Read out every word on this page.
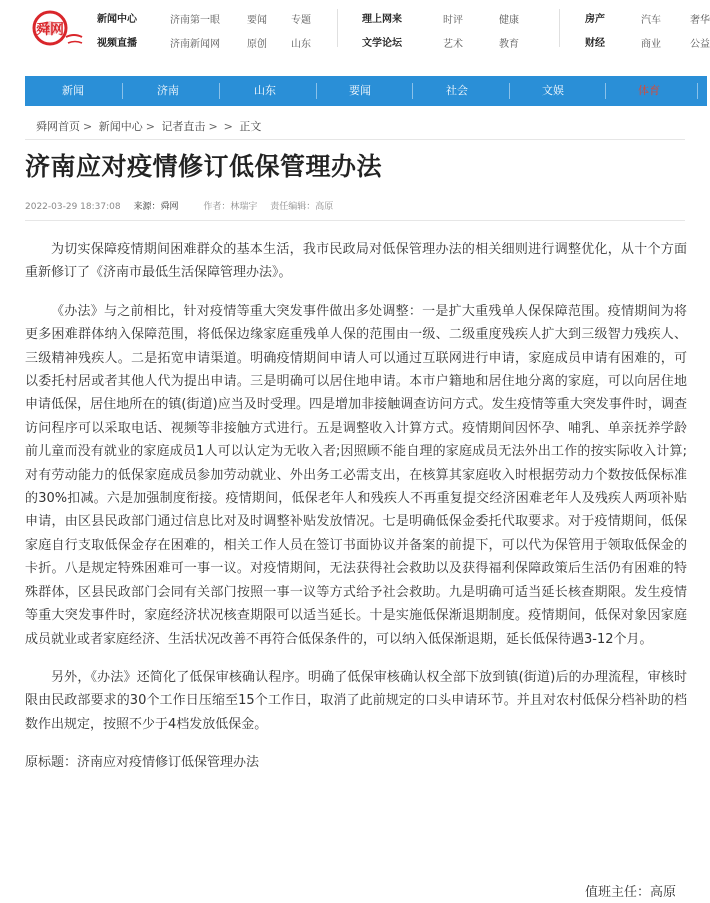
舜网
新闻中心	济南第一眼	要闻 专题	理上网来	时评	健康	房产	汽车	奢华
视频直播	济南新闻网	原创 山东	文学论坛	艺术	教育	财经	商业	公益
新闻	济南	山东	要闻	社会	文娱	体育
舜网首页 > 新闻中心 > 记者直击 > > 正文
济南应对疫情修订低保管理办法
2022-03-29 18:37:08 来源：舜网	作者：林瑞宇 责任编辑：高原

为切实保障疫情期间困难群众的基本生活，我市民政局对低保管理办法的相关细则进行调整优化，从十个方面重新修订了《济南市最低生活保障管理办法》。

《办法》与之前相比，针对疫情等重大突发事件做出多处调整：一是扩大重残单人保保障范围。疫情期间为将更多困难群体纳入保障范围，将低保边缘家庭重残单人保的范围由一级、二级重度残疾人扩大到三级智力残疾人、三级精神残疾人。二是拓宽申请渠道。明确疫情期间申请人可以通过互联网进行申请，家庭成员申请有困难的，可以委托村居或者其他人代为提出申请。三是明确可以居住地申请。本市户籍地和居住地分离的家庭，可以向居住地申请低保，居住地所在的镇(街道)应当及时受理。四是增加非接触调查访问方式。发生疫情等重大突发事件时，调查访问程序可以采取电话、视频等非接触方式进行。五是调整收入计算方式。疫情期间因怀孕、哺乳、单亲抚养学龄前儿童而没有就业的家庭成员1人可以认定为无收入者;因照顾不能自理的家庭成员无法外出工作的按实际收入计算;对有劳动能力的低保家庭成员参加劳动就业、外出务工必需支出，在核算其家庭收入时根据劳动力个数按低保标准的30%扣减。六是加强制度衔接。疫情期间，低保老年人和残疾人不再重复提交经济困难老年人及残疾人两项补贴申请，由区县民政部门通过信息比对及时调整补贴发放情况。七是明确低保金委托代取要求。对于疫情期间，低保家庭自行支取低保金存在困难的，相关工作人员在签订书面协议并备案的前提下，可以代为保管用于领取低保金的卡折。八是规定特殊困难可一事一议。对疫情期间，无法获得社会救助以及获得福利保障政策后生活仍有困难的特殊群体，区县民政部门会同有关部门按照一事一议等方式给予社会救助。九是明确可适当延长核查期限。发生疫情等重大突发事件时，家庭经济状况核查期限可以适当延长。十是实施低保渐退期制度。疫情期间，低保对象因家庭成员就业或者家庭经济、生活状况改善不再符合低保条件的，可以纳入低保渐退期，延长低保待遇3-12个月。

另外，《办法》还简化了低保审核确认程序。明确了低保审核确认权全部下放到镇(街道)后的办理流程，审核时限由民政部要求的30个工作日压缩至15个工作日，取消了此前规定的口头申请环节。并且对农村低保分档补助的档数作出规定，按照不少于4档发放低保金。

原标题：济南应对疫情修订低保管理办法

值班主任：高原
